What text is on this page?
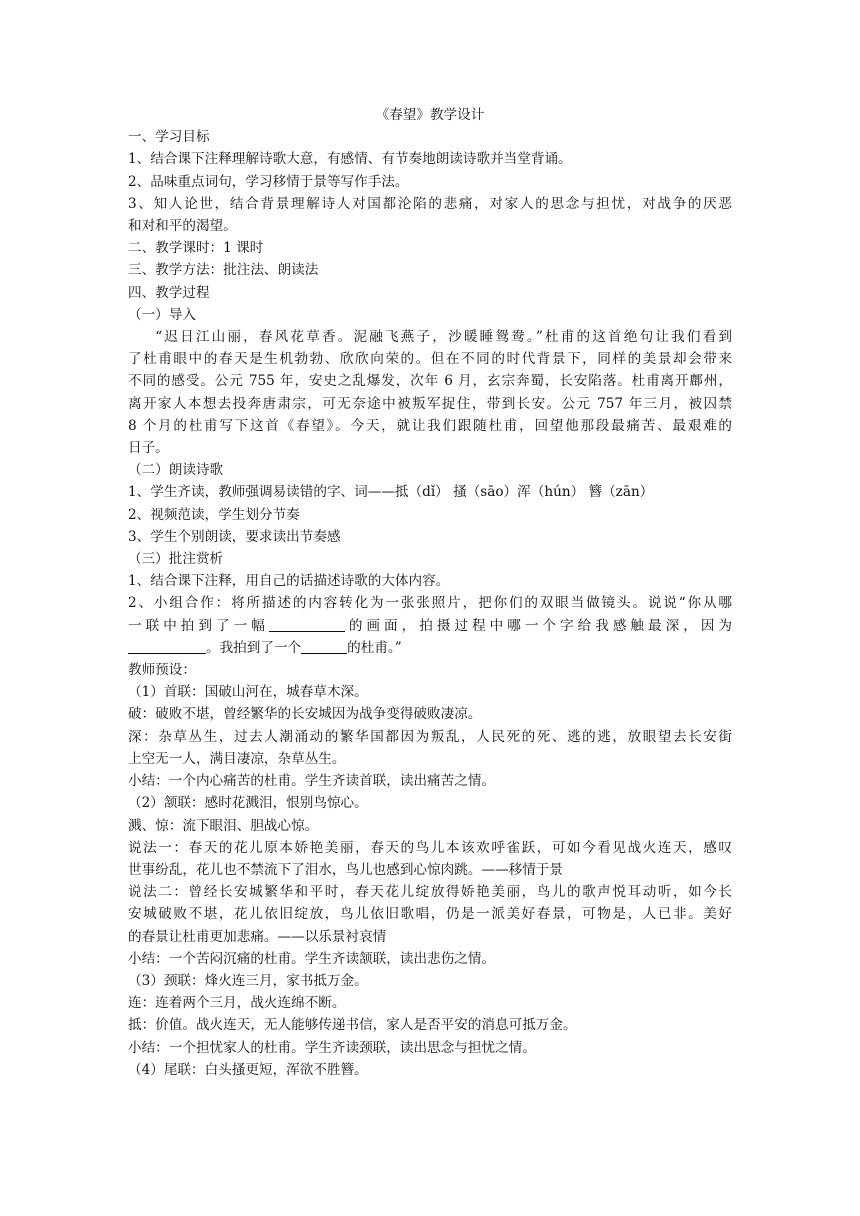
《春望》教学设计

一、学习目标

1、结合课下注释理解诗歌大意，有感情、有节奏地朗读诗歌并当堂背诵。

2、品味重点词句，学习移情于景等写作手法。

3、知人论世，结合背景理解诗人对国都沦陷的悲痛，对家人的思念与担忧，对战争的厌恶

和对和平的渴望。

二、教学课时：1 课时

三、教学方法：批注法、朗读法

四、教学过程

（一）导入

“迟日江山丽，春风花草香。泥融飞燕子，沙暖睡鸳鸯。”杜甫的这首绝句让我们看到

了杜甫眼中的春天是生机勃勃、欣欣向荣的。但在不同的时代背景下，同样的美景却会带来

不同的感受。公元 755 年，安史之乱爆发，次年 6 月，玄宗奔蜀，长安陷落。杜甫离开鄜州，

离开家人本想去投奔唐肃宗，可无奈途中被叛军捉住，带到长安。公元 757 年三月，被囚禁

8 个月的杜甫写下这首《春望》。今天，就让我们跟随杜甫，回望他那段最痛苦、最艰难的

日子。

（二）朗读诗歌

1、学生齐读，教师强调易读错的字、词——抵（dǐ） 搔（sāo）浑（hún） 簪（zān）

2、视频范读，学生划分节奏

3、学生个别朗读，要求读出节奏感

（三）批注赏析

1、结合课下注释，用自己的话描述诗歌的大体内容。

2、小组合作：将所描述的内容转化为一张张照片，把你们的双眼当做镜头。说说“你从哪

一联中拍到了一幅	的画面，拍摄过程中哪一个字给我感触最深，因为

。我拍到了一个	的杜甫。”

教师预设：

（1）首联：国破山河在，城春草木深。

破：破败不堪，曾经繁华的长安城因为战争变得破败凄凉。

深：杂草丛生，过去人潮涌动的繁华国都因为叛乱，人民死的死、逃的逃，放眼望去长安街

上空无一人，满目凄凉，杂草丛生。

小结：一个内心痛苦的杜甫。学生齐读首联，读出痛苦之情。

（2）颔联：感时花溅泪，恨别鸟惊心。

溅、惊：流下眼泪、胆战心惊。

说法一：春天的花儿原本娇艳美丽，春天的鸟儿本该欢呼雀跃，可如今看见战火连天，感叹

世事纷乱，花儿也不禁流下了泪水，鸟儿也感到心惊肉跳。——移情于景

说法二：曾经长安城繁华和平时，春天花儿绽放得娇艳美丽，鸟儿的歌声悦耳动听，如今长

安城破败不堪，花儿依旧绽放，鸟儿依旧歌唱，仍是一派美好春景，可物是，人已非。美好

的春景让杜甫更加悲痛。——以乐景衬哀情

小结：一个苦闷沉痛的杜甫。学生齐读颔联，读出悲伤之情。

（3）颈联：烽火连三月，家书抵万金。

连：连着两个三月，战火连绵不断。

抵：价值。战火连天，无人能够传递书信，家人是否平安的消息可抵万金。

小结：一个担忧家人的杜甫。学生齐读颈联，读出思念与担忧之情。

（4）尾联：白头搔更短，浑欲不胜簪。
